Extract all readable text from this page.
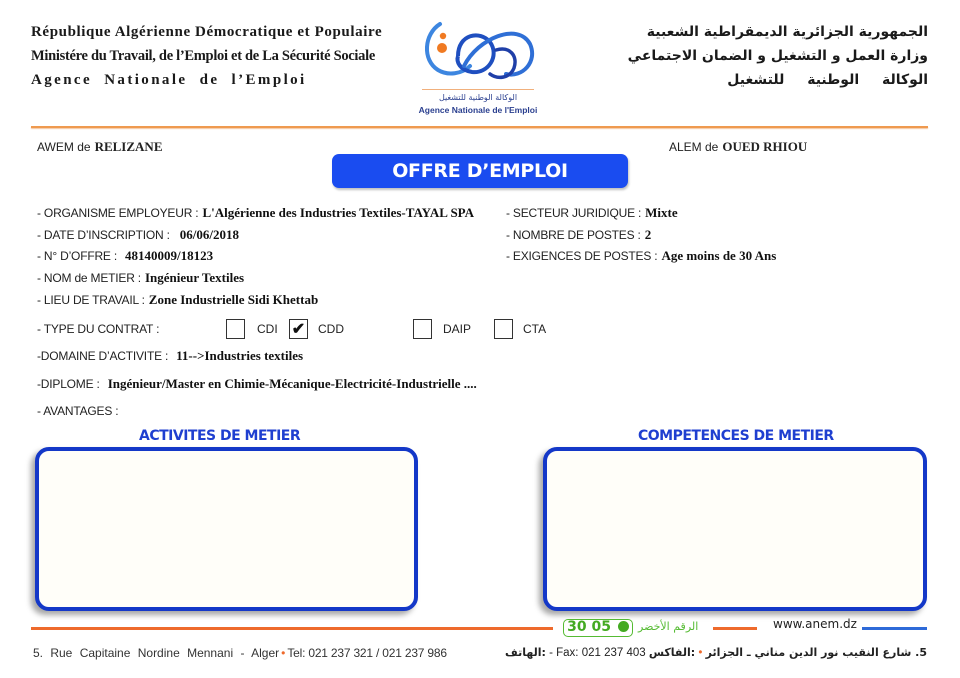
République Algérienne Démocratique et Populaire
Ministére du Travail, de l’Emploi et de La Sécurité Sociale
Agence Nationale de l’Emploi
الوكالة الوطنية للتشغيل
Agence Nationale de l'Emploi
الجمهورية الجزائرية الديمقراطية الشعبية
وزارة العمل و التشغيل و الضمان الاجتماعي
الوكالة الوطنية للتشغيل
AWEM de RELIZANE	ALEM de OUED RHIOU
OFFRE D’EMPLOI
- ORGANISME EMPLOYEUR : L'Algérienne des Industries Textiles-TAYAL SPA
- DATE D’INSCRIPTION : 06/06/2018
- N° D’OFFRE : 48140009/18123
- NOM de METIER : Ingénieur Textiles
- LIEU DE TRAVAIL : Zone Industrielle Sidi Khettab
- SECTEUR JURIDIQUE : Mixte
- NOMBRE DE POSTES : 2
- EXIGENCES DE POSTES : Age moins de 30 Ans
- TYPE DU CONTRAT :	CDI ✔ CDD	DAIP	CTA
-DOMAINE D’ACTIVITE : 11-->Industries textiles
-DIPLOME : Ingénieur/Master en Chimie-Mécanique-Electricité-Industrielle ....
- AVANTAGES :
ACTIVITES DE METIER	COMPETENCES DE METIER
30 05	الرقم الأخضر	www.anem.dz
5. Rue Capitaine Nordine Mennani - Alger • Tel: 021 237 321 / 021 237 986	الهاتف: - Fax: 021 237 403 الفاكس: • 5. شارع النقيب نور الدين مناني ـ الجزائر
